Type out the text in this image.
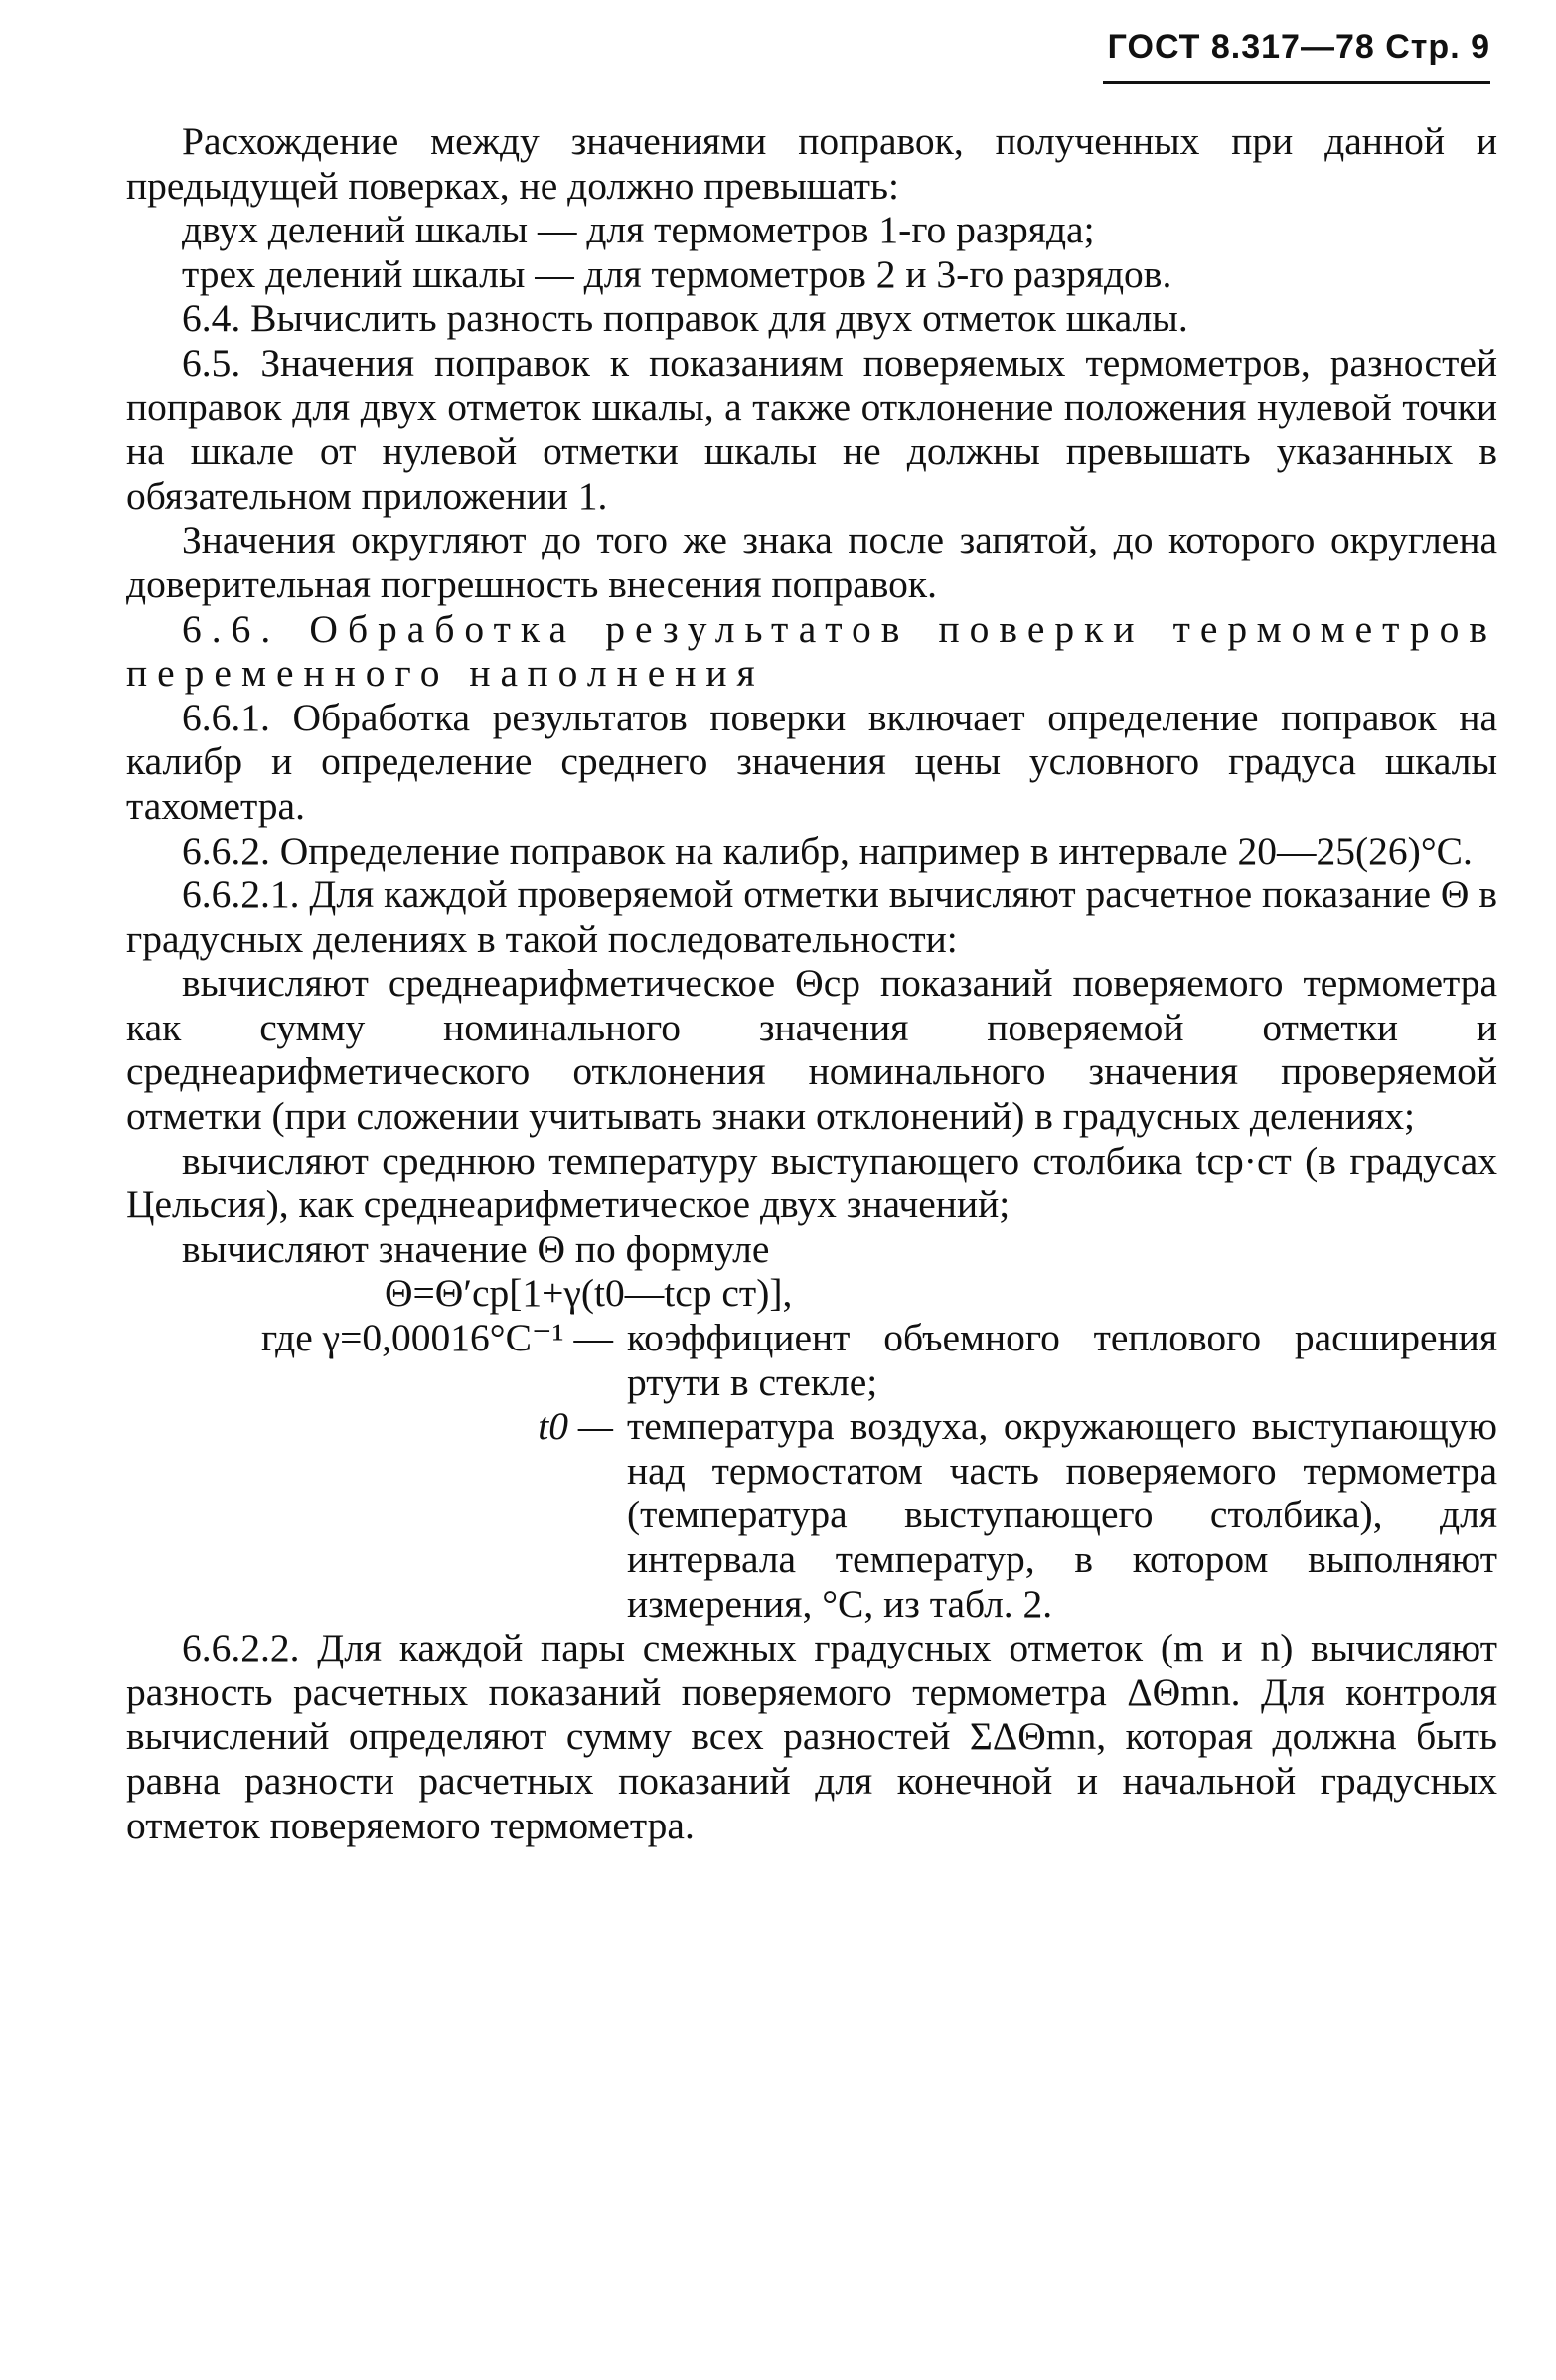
ГОСТ 8.317—78 Стр. 9

Расхождение между значениями поправок, полученных при данной и предыдущей поверках, не должно превышать:

двух делений шкалы — для термометров 1-го разряда;

трех делений шкалы — для термометров 2 и 3-го разрядов.

6.4. Вычислить разность поправок для двух отметок шкалы.

6.5. Значения поправок к показаниям поверяемых термометров, разностей поправок для двух отметок шкалы, а также отклонение положения нулевой точки на шкале от нулевой отметки шкалы не должны превышать указанных в обязательном приложении 1.

Значения округляют до того же знака после запятой, до которого округлена доверительная погрешность внесения поправок.

6.6. Обработка результатов поверки термометров переменного наполнения

6.6.1. Обработка результатов поверки включает определение поправок на калибр и определение среднего значения цены условного градуса шкалы тахометра.

6.6.2. Определение поправок на калибр, например в интервале 20—25(26)°С.

6.6.2.1. Для каждой проверяемой отметки вычисляют расчетное показание Θ в градусных делениях в такой последовательности:

вычисляют среднеарифметическое Θср показаний поверяемого термометра как сумму номинального значения поверяемой отметки и среднеарифметического отклонения номинального значения проверяемой отметки (при сложении учитывать знаки отклонений) в градусных делениях;

вычисляют среднюю температуру выступающего столбика tср·ст (в градусах Цельсия), как среднеарифметическое двух значений;

вычисляют значение Θ по формуле

Θ=Θ′ср[1+γ(t0—tср ст)],

где γ=0,00016°С⁻¹ — коэффициент объемного теплового расширения ртути в стекле;
t0 — температура воздуха, окружающего выступающую над термостатом часть поверяемого термометра (температура выступающего столбика), для интервала температур, в котором выполняют измерения, °С, из табл. 2.

6.6.2.2. Для каждой пары смежных градусных отметок (m и n) вычисляют разность расчетных показаний поверяемого термометра ΔΘmn. Для контроля вычислений определяют сумму всех разностей ΣΔΘmn, которая должна быть равна разности расчетных показаний для конечной и начальной градусных отметок поверяемого термометра.
